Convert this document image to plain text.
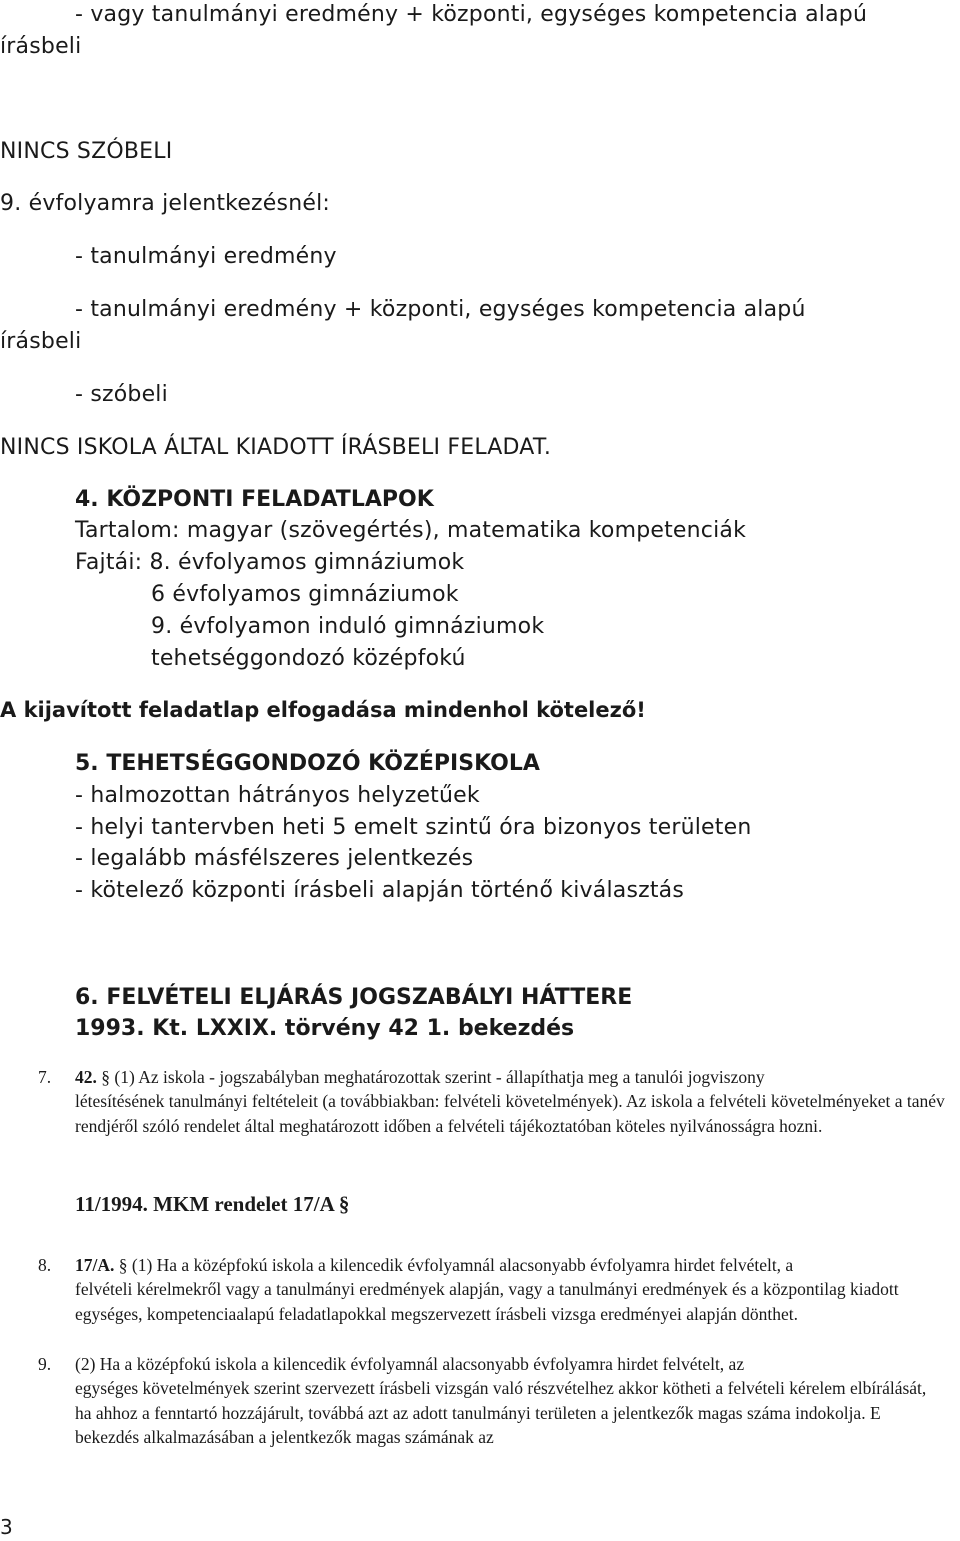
- vagy tanulmányi eredmény + központi, egységes kompetencia alapú
írásbeli
NINCS SZÓBELI
9. évfolyamra jelentkezésnél:
- tanulmányi eredmény
- tanulmányi eredmény + központi, egységes kompetencia alapú
írásbeli
- szóbeli
NINCS ISKOLA ÁLTAL KIADOTT ÍRÁSBELI FELADAT.
4. KÖZPONTI FELADATLAPOK
Tartalom: magyar (szövegértés), matematika kompetenciák
Fajtái: 8. évfolyamos gimnáziumok
6 évfolyamos gimnáziumok
9. évfolyamon induló gimnáziumok
tehetséggondozó középfokú
A kijavított feladatlap elfogadása mindenhol kötelező!
5. TEHETSÉGGONDOZÓ KÖZÉPISKOLA
- halmozottan hátrányos helyzetűek
- helyi tantervben heti 5 emelt szintű óra bizonyos területen
- legalább másfélszeres jelentkezés
- kötelező központi írásbeli alapján történő kiválasztás
6. FELVÉTELI ELJÁRÁS JOGSZABÁLYI HÁTTERE
1993. Kt. LXXIX. törvény 42 1. bekezdés
7. 42. § (1) Az iskola - jogszabályban meghatározottak szerint - állapíthatja meg a tanulói jogviszony
létesítésének tanulmányi feltételeit (a továbbiakban: felvételi követelmények). Az iskola a felvételi követelményeket a tanév rendjéről szóló rendelet által meghatározott időben a felvételi tájékoztatóban köteles nyilvánosságra hozni.
11/1994. MKM rendelet 17/A §
8. 17/A. § (1) Ha a középfokú iskola a kilencedik évfolyamnál alacsonyabb évfolyamra hirdet felvételt, a
felvételi kérelmekről vagy a tanulmányi eredmények alapján, vagy a tanulmányi eredmények és a központilag kiadott egységes, kompetenciaalapú feladatlapokkal megszervezett írásbeli vizsga eredményei alapján dönthet.
9. (2) Ha a középfokú iskola a kilencedik évfolyamnál alacsonyabb évfolyamra hirdet felvételt, az
egységes követelmények szerint szervezett írásbeli vizsgán való részvételhez akkor kötheti a felvételi kérelem elbírálását, ha ahhoz a fenntartó hozzájárult, továbbá azt az adott tanulmányi területen a jelentkezők magas száma indokolja. E bekezdés alkalmazásában a jelentkezők magas számának az
3
